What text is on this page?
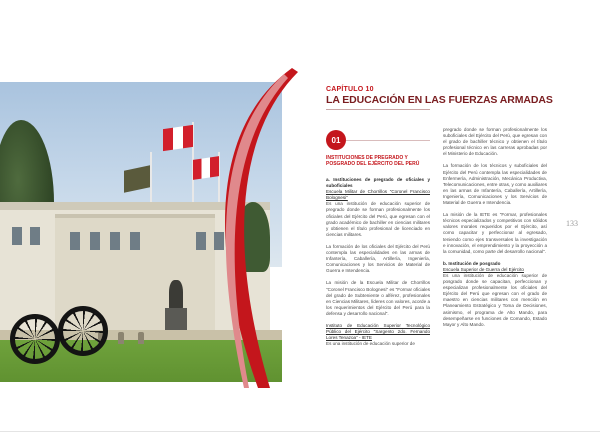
CAPÍTULO 10
LA EDUCACIÓN EN LAS FUERZAS ARMADAS
01
INSTITUCIONES DE PREGRADO Y POSGRADO DEL EJÉRCITO DEL PERÚ

a. Instituciones de pregrado de oficiales y suboficiales
Escuela Militar de Chorrillos "Coronel Francisco Bolognesi"
Es una institución de educación superior de pregrado donde se forman profesionalmente los oficiales del Ejército del Perú, que egresan con el grado académico de bachiller en ciencias militares y obtienen el título profesional de licenciado en ciencias militares.

La formación de los oficiales del Ejército del Perú contempla las especialidades en las armas de Infantería, Caballería, Artillería, Ingeniería, Comunicaciones y los Servicios de Material de Guerra e Intendencia.

La misión de la Escuela Militar de Chorrillos "Coronel Francisco Bolognesi" es "Formar oficiales del grado de Subteniente o alférez, profesionales en Ciencias Militares, líderes con valores, acorde a los requerimientos del Ejército del Perú para la defensa y desarrollo nacional".

Instituto de Educación Superior Tecnológico Público del Ejército "Sargento 2do. Fernando Lores Tenazoa" - IETE
Es una institución de educación superior de

pregrado donde se forman profesionalmente los suboficiales del Ejército del Perú, que egresan con el grado de bachiller técnico y obtienen el título profesional técnico en las carreras aprobadas por el Ministerio de Educación.

La formación de los técnicos y suboficiales del Ejército del Perú contempla las especialidades de Enfermería, Administración, Mecánica Productiva, Telecomunicaciones, entre otras, y como auxiliares en las armas de Infantería, Caballería, Artillería, Ingeniería, Comunicaciones y los Servicios de Material de Guerra e Intendencia.

La misión de la IETE es "Formar, profesionales técnicos especializados y competitivos con sólidos valores morales requeridos por el Ejército, así como capacitar y perfeccionar al egresado, teniendo como ejes transversales la investigación e innovación, el emprendimiento y la proyección a la comunidad, como parte del desarrollo nacional".

b. Institución de posgrado
Escuela Superior de Guerra del Ejército
Es una institución de educación superior de posgrado donde se capacitan, perfeccionan y especializan profesionalmente los oficiales del Ejército del Perú que egresan con el grado de maestro en ciencias militares con mención en Planeamiento Estratégico y Toma de Decisiones, asimismo, el programa de Alto Mando, para desempeñarse en funciones de Comando, Estado Mayor y Alto Mando.

133
